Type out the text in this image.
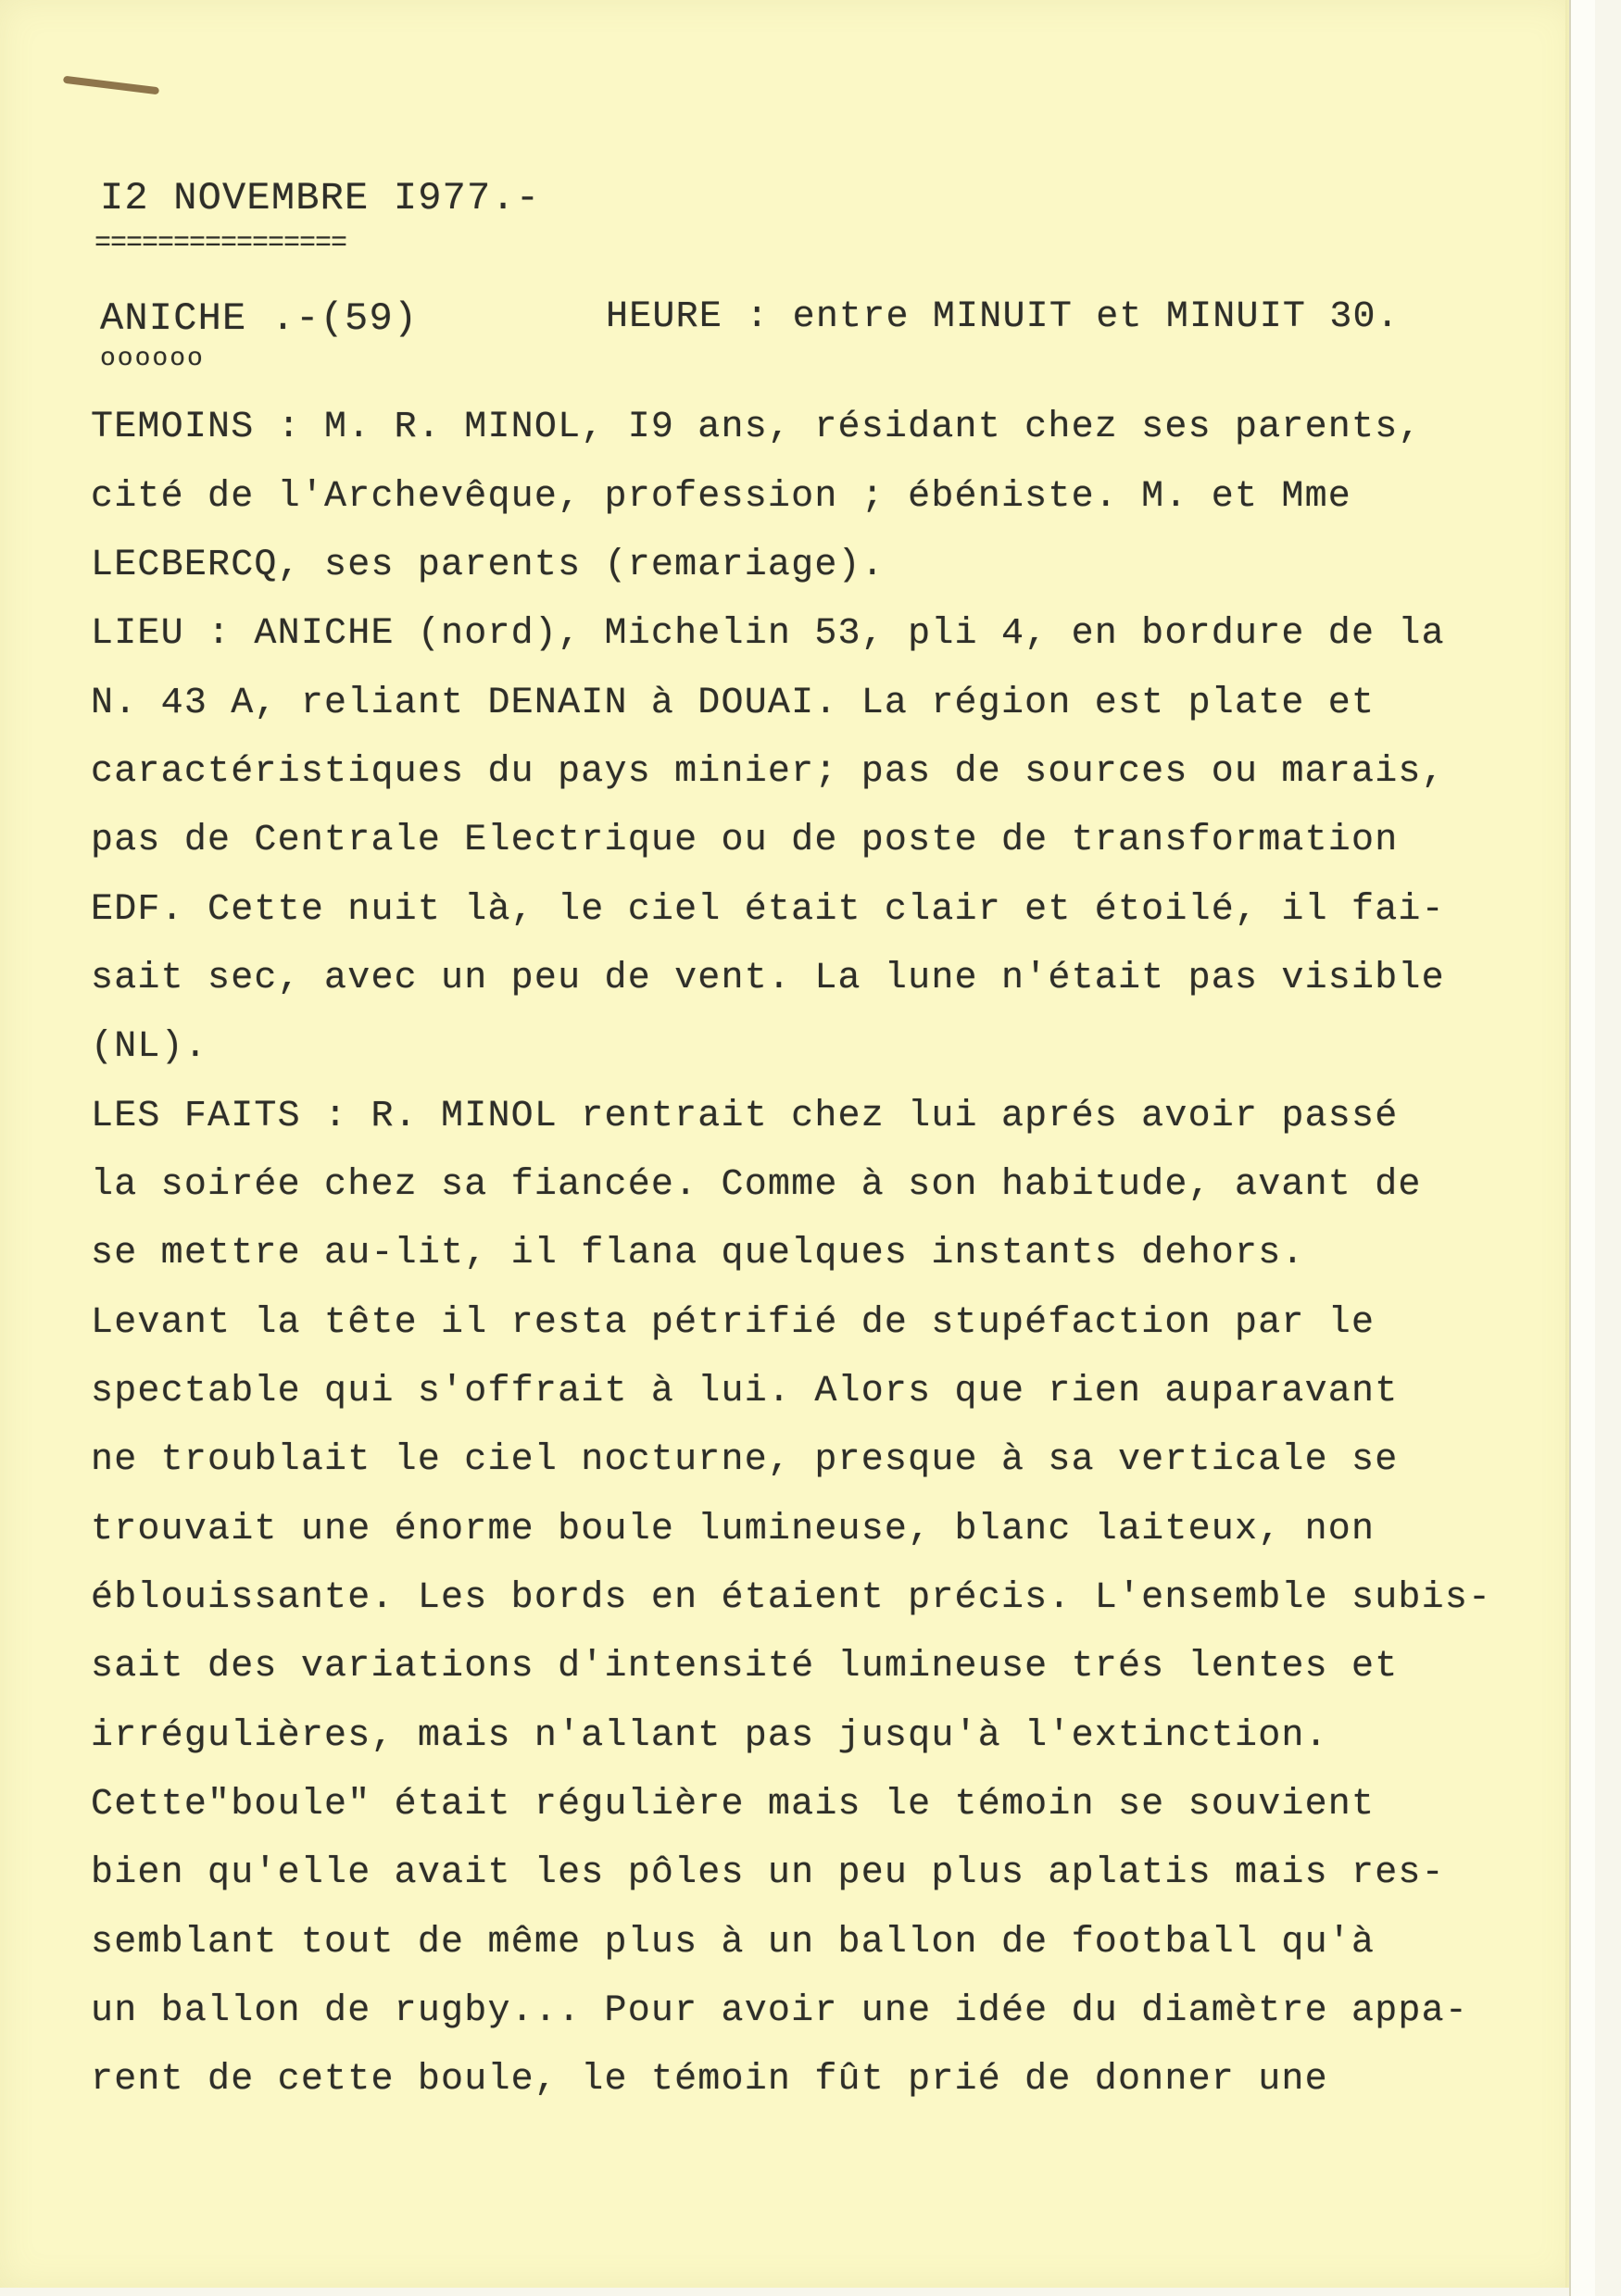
I2 NOVEMBRE I977.-
================
ANICHE .-(59)	HEURE : entre MINUIT et MINUIT 30.
oooooo
TEMOINS : M. R. MINOL, I9 ans, résidant chez ses parents,
cité de l'Archevêque, profession ; ébéniste. M. et Mme
LECBERCQ, ses parents (remariage).
LIEU : ANICHE (nord), Michelin 53, pli 4, en bordure de la
N. 43 A, reliant DENAIN à DOUAI. La région est plate et
caractéristiques du pays minier; pas de sources ou marais,
pas de Centrale Electrique ou de poste de transformation
EDF. Cette nuit là, le ciel était clair et étoilé, il fai-
sait sec, avec un peu de vent. La lune n'était pas visible
(NL).
LES FAITS : R. MINOL rentrait chez lui aprés avoir passé
la soirée chez sa fiancée. Comme à son habitude, avant de
se mettre au-lit, il flana quelques instants dehors.
Levant la tête il resta pétrifié de stupéfaction par le
spectable qui s'offrait à lui. Alors que rien auparavant
ne troublait le ciel nocturne, presque à sa verticale se
trouvait une énorme boule lumineuse, blanc laiteux, non
éblouissante. Les bords en étaient précis. L'ensemble subis-
sait des variations d'intensité lumineuse trés lentes et
irrégulières, mais n'allant pas jusqu'à l'extinction.
Cette"boule" était régulière mais le témoin se souvient
bien qu'elle avait les pôles un peu plus aplatis mais res-
semblant tout de même plus à un ballon de football qu'à
un ballon de rugby... Pour avoir une idée du diamètre appa-
rent de cette boule, le témoin fût prié de donner une
